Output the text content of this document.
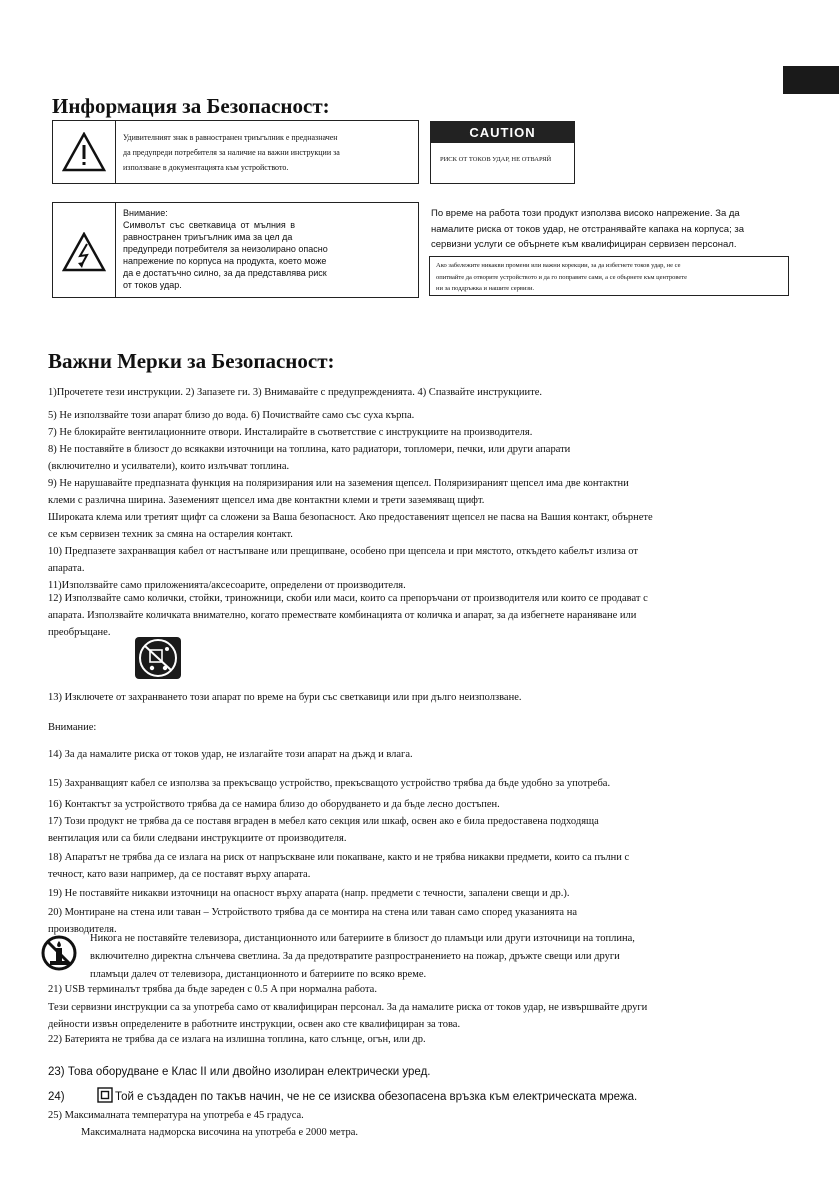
Информация за Безопасност:
Удивителният знак в равностранен триъгълник е предназначен
да предупреди потребителя за наличие на важни инструкции за
използване в документацията към устройството.
CAUTION
РИСК ОТ ТОКОВ УДАР, НЕ ОТВАРЯЙ
Внимание:
Символът със светкавица от мълния в
равностранен триъгълник има за цел да
предупреди потребителя за неизолирано опасно
напрежение по корпуса на продукта, което може
да е достатъчно силно, за да представлява риск
от токов удар.
По време на работа този продукт използва високо напрежение. За да
намалите риска от токов удар, не отстранявайте капака на корпуса; за
сервизни услуги се обърнете към квалифициран сервизен персонал.
Ако забележите никакви промени или важни корекции, за да избегнете токов удар, не се
опитвайте да отворите устройството и да го поправяте сами, а се обърнете към центровете
ни за поддръжка и нашите сервизи.
Важни Мерки за Безопасност:
1)Прочетете тези инструкции. 2) Запазете ги. 3) Внимавайте с предупрежденията. 4) Спазвайте инструкциите.
5) Не използвайте този апарат близо до вода. 6) Почиствайте само със суха кърпа.
7) Не блокирайте вентилационните отвори. Инсталирайте в съответствие с инструкциите на производителя.
8) Не поставяйте в близост до всякакви източници на топлина, като радиатори, топломери, печки, или други апарати
(включително и усилватели), които излъчват топлина.
9) Не нарушавайте предпазната функция на поляризирания или на заземения щепсел. Поляризираният щепсел има две контактни
клеми с различна ширина. Заземеният щепсел има две контактни клеми и трети заземяващ щифт.
Широката клема или третият щифт са сложени за Ваша безопасност. Ако предоставеният щепсел не пасва на Вашия контакт, обърнете
се към сервизен техник за смяна на остарелия контакт.
10) Предпазете захранващия кабел от настъпване или прещипване, особено при щепсела и при мястото, откъдето кабелът излиза от
апарата.
11)Използвайте само приложенията/аксесоарите, определени от производителя.
12) Използвайте само колички, стойки, триножници, скоби или маси, които са препоръчани от производителя или които се продават с
апарата. Използвайте количката внимателно, когато премествате комбинацията от количка и апарат, за да избегнете нараняване или
преобръщане.
13) Изключете от захранването този апарат по време на бури със светкавици или при дълго неизползване.
Внимание:
14) За да намалите риска от токов удар, не излагайте този апарат на дъжд и влага.
15) Захранващият кабел се използва за прекъсващо устройство, прекъсващото устройство трябва да бъде удобно за употреба.
16) Контактът за устройството трябва да се намира близо до оборудването и да бъде лесно достъпен.
17) Този продукт не трябва да се поставя вграден в мебел като секция или шкаф, освен ако е била предоставена подходяща
вентилация или са били следвани инструкциите от производителя.
18) Апаратът не трябва да се излага на риск от напръскване или покапване, както и не трябва никакви предмети, които са пълни с
течност, като вази например, да се поставят върху апарата.
19) Не поставяйте никакви източници на опасност върху апарата (напр. предмети с течности, запалени свещи и др.).
20) Монтиране на стена или таван – Устройството трябва да се монтира на стена или таван само според указанията на
производителя.
Никога не поставяйте телевизора, дистанционното или батериите в близост до пламъци или други източници на топлина,
включително директна слънчева светлина. За да предотвратите разпространението на пожар, дръжте свещи или други
пламъци далеч от телевизора, дистанционното и батериите по всяко време.
21) USB терминалът трябва да бъде зареден с 0.5 A при нормална работа.
Тези сервизни инструкции са за употреба само от квалифициран персонал. За да намалите риска от токов удар, не извършвайте други
дейности извън определените в работните инструкции, освен ако сте квалифициран за това.
22) Батерията не трябва да се излага на излишна топлина, като слънце, огън, или др.
23) Това оборудване е Клас II или двойно изолиран електрически уред.
24)	Той е създаден по такъв начин, че не се изисква обезопасена връзка към електрическата мрежа.
25) Максималната температура на употреба е 45 градуса.
Максималната надморска височина на употреба е 2000 метра.
